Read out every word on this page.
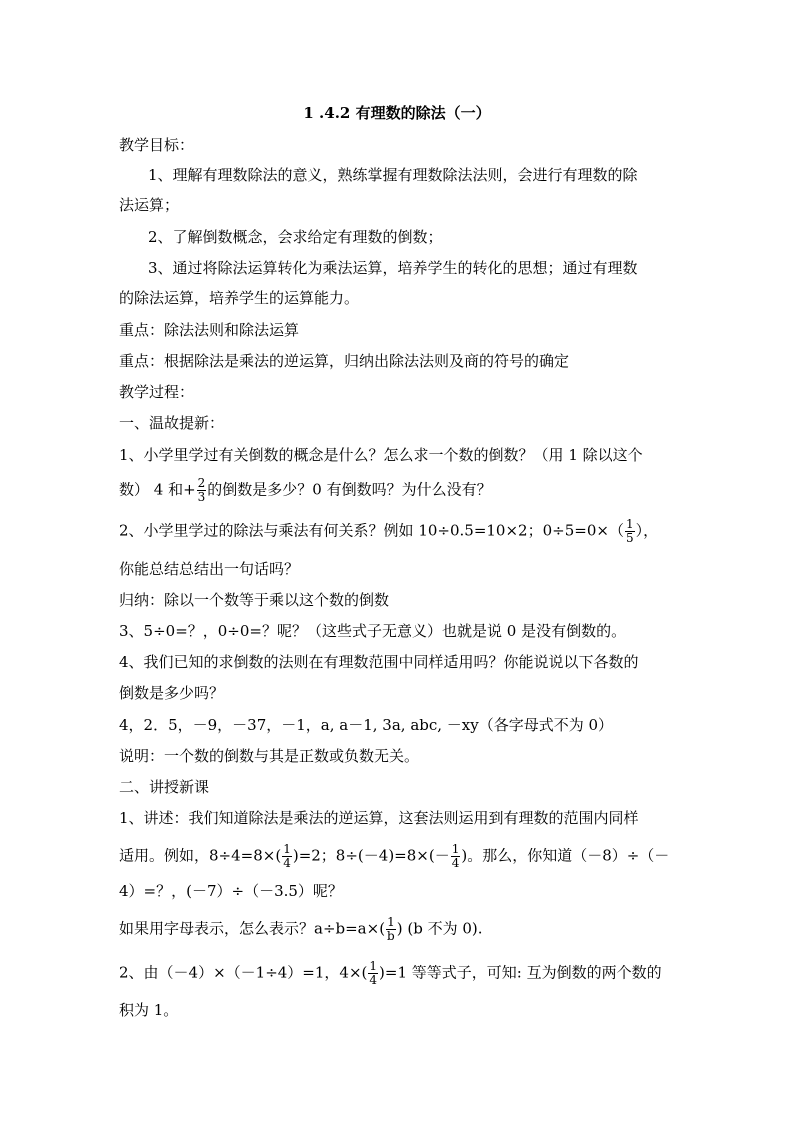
1 .4.2 有理数的除法（一）
教学目标：
1、理解有理数除法的意义，熟练掌握有理数除法法则，会进行有理数的除
法运算；
2、了解倒数概念，会求给定有理数的倒数；
3、通过将除法运算转化为乘法运算，培养学生的转化的思想；通过有理数
的除法运算，培养学生的运算能力。
重点：除法法则和除法运算
重点：根据除法是乘法的逆运算，归纳出除法法则及商的符号的确定
教学过程：
一、温故提新：
1、小学里学过有关倒数的概念是什么？怎么求一个数的倒数？（用 1 除以这个
数） 4 和+ $\frac{2}{3}$ 的倒数是多少？0 有倒数吗？为什么没有？
2、小学里学过的除法与乘法有何关系？例如 10÷0.5=10×2；$0\div 5=0\times( \frac{1}{5}$ ），
你能总结总结出一句话吗？
归纳：除以一个数等于乘以这个数的倒数
3、5÷0=？，0÷0=？呢？（这些式子无意义）也就是说 0 是没有倒数的。
4、我们已知的求倒数的法则在有理数范围中同样适用吗？你能说说以下各数的
倒数是多少吗？
4，2．5，－9，－37，－1，a, a－1, 3a, abc, －xy（各字母式不为 0）
说明：一个数的倒数与其是正数或负数无关。
二、讲授新课
1、讲述：我们知道除法是乘法的逆运算，这套法则运用到有理数的范围内同样
适用。例如，$8\div 4=8\times( \frac{1}{4} )=2$；$8\div(-4)=8\times(- \frac{1}{4}$ )。那么，你知道（－8）÷（－
4）=？，(－7）÷（－3.5）呢？
如果用字母表示，怎么表示？$a\div b=a\times( \frac{1}{b}$ ) (b 不为 0).
2、由（－4）×（－1÷4）=1，$4\times( \frac{1}{4} )=1$ 等等式子，可知: 互为倒数的两个数的
积为 1。
